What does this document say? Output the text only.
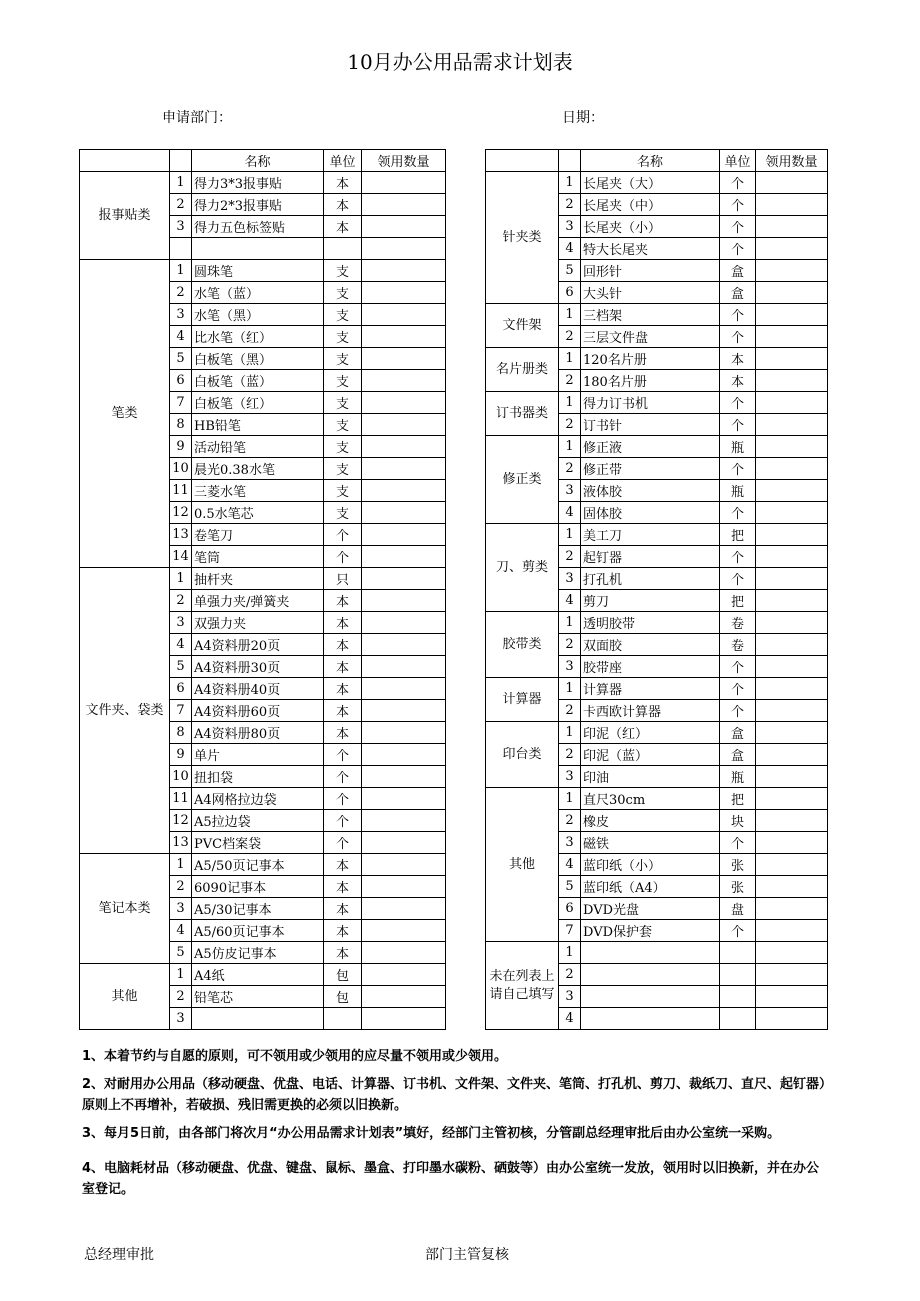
10月办公用品需求计划表
申请部门：	日期：
		名称	单位	领用数量
报事贴类	1	得力3*3报事贴	本	
	2	得力2*3报事贴	本	
	3	得力五色标签贴	本	

笔类	1	圆珠笔	支	
	2	水笔（蓝）	支	
	3	水笔（黑）	支	
	4	比水笔（红）	支	
	5	白板笔（黑）	支	
	6	白板笔（蓝）	支	
	7	白板笔（红）	支	
	8	HB铅笔	支	
	9	活动铅笔	支	
	10	晨光0.38水笔	支	
	11	三菱水笔	支	
	12	0.5水笔芯	支	
	13	卷笔刀	个	
	14	笔筒	个	
文件夹、袋类	1	抽杆夹	只	
	2	单强力夹/弹簧夹	本	
	3	双强力夹	本	
	4	A4资料册20页	本	
	5	A4资料册30页	本	
	6	A4资料册40页	本	
	7	A4资料册60页	本	
	8	A4资料册80页	本	
	9	单片	个	
	10	扭扣袋	个	
	11	A4网格拉边袋	个	
	12	A5拉边袋	个	
	13	PVC档案袋	个	
笔记本类	1	A5/50页记事本	本	
	2	6090记事本	本	
	3	A5/30记事本	本	
	4	A5/60页记事本	本	
	5	A5仿皮记事本	本	
其他	1	A4纸	包	
	2	铅笔芯	包	
	3			
		名称	单位	领用数量
针夹类	1	长尾夹（大）	个	
	2	长尾夹（中）	个	
	3	长尾夹（小）	个	
	4	特大长尾夹	个	
	5	回形针	盒	
	6	大头针	盒	
文件架	1	三档架	个	
	2	三层文件盘	个	
名片册类	1	120名片册	本	
	2	180名片册	本	
订书器类	1	得力订书机	个	
	2	订书针	个	
修正类	1	修正液	瓶	
	2	修正带	个	
	3	液体胶	瓶	
	4	固体胶	个	
刀、剪类	1	美工刀	把	
	2	起钉器	个	
	3	打孔机	个	
	4	剪刀	把	
胶带类	1	透明胶带	卷	
	2	双面胶	卷	
	3	胶带座	个	
计算器	1	计算器	个	
	2	卡西欧计算器	个	
印台类	1	印泥（红）	盒	
	2	印泥（蓝）	盒	
	3	印油	瓶	
其他	1	直尺30cm	把	
	2	橡皮	块	
	3	磁铁	个	
	4	蓝印纸（小）	张	
	5	蓝印纸（A4）	张	
	6	DVD光盘	盘	
	7	DVD保护套	个	
未在列表上请自己填写	1			
	2			
	3			
	4			

1、本着节约与自愿的原则，可不领用或少领用的应尽量不领用或少领用。

2、对耐用办公用品（移动硬盘、优盘、电话、计算器、订书机、文件架、文件夹、笔筒、打孔机、剪刀、裁纸刀、直尺、起钉器）原则上不再增补，若破损、残旧需更换的必须以旧换新。

3、每月5日前，由各部门将次月“办公用品需求计划表”填好，经部门主管初核，分管副总经理审批后由办公室统一采购。

4、电脑耗材品（移动硬盘、优盘、键盘、鼠标、墨盒、打印墨水碳粉、硒鼓等）由办公室统一发放，领用时以旧换新，并在办公室登记。

总经理审批	部门主管复核
